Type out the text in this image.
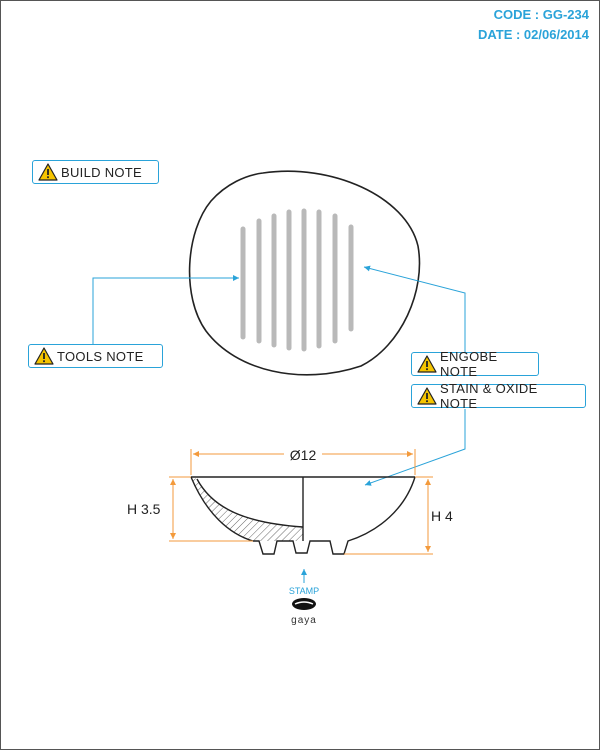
CODE : GG-234
DATE : 02/06/2014
Ø12
H 3.5	H 4
STAMP
gaya
BUILD NOTE
TOOLS NOTE	ENGOBE NOTE
STAIN & OXIDE NOTE
